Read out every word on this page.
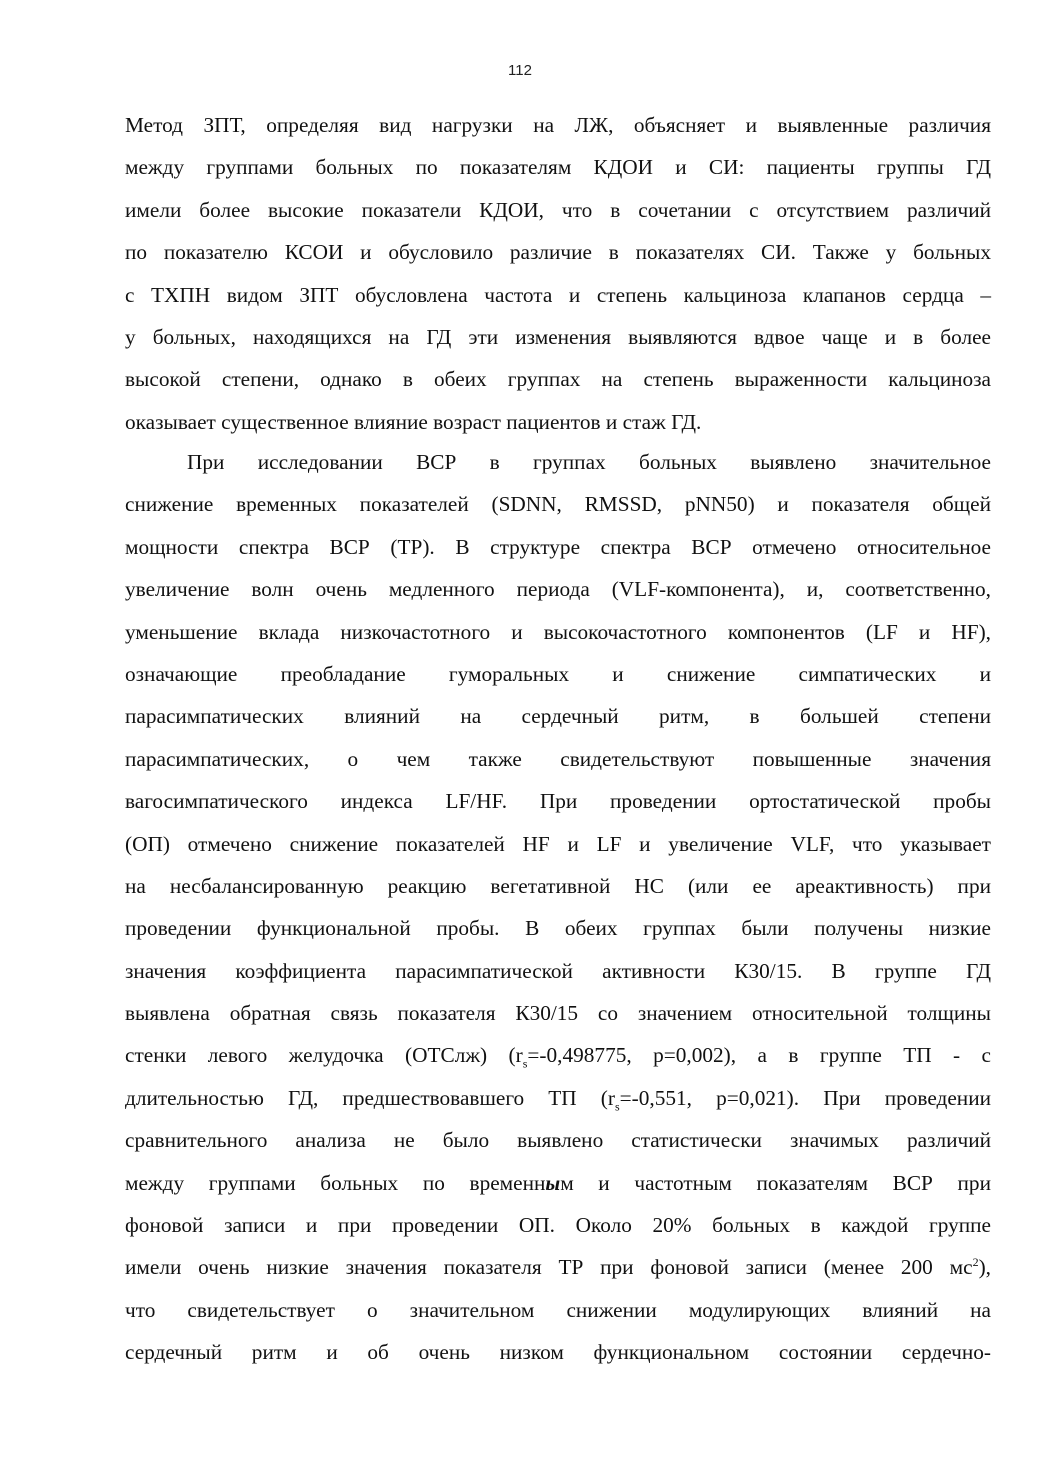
112
Метод ЗПТ, определяя вид нагрузки на ЛЖ, объясняет и выявленные различия
между группами больных по показателям КДОИ и СИ: пациенты группы ГД
имели более высокие показатели КДОИ, что в сочетании с отсутствием различий
по показателю КСОИ и обусловило различие в показателях СИ. Также у больных
с ТХПН видом ЗПТ обусловлена частота и степень кальциноза клапанов сердца –
у больных, находящихся на ГД эти изменения выявляются вдвое чаще и в более
высокой степени, однако в обеих группах на степень выраженности кальциноза
оказывает существенное влияние возраст пациентов и стаж ГД.
При исследовании ВСР в группах больных выявлено значительное
снижение временных показателей (SDNN, RMSSD, pNN50) и показателя общей
мощности спектра ВСР (ТР). В структуре спектра ВСР отмечено относительное
увеличение волн очень медленного периода (VLF-компонента), и, соответственно,
уменьшение вклада низкочастотного и высокочастотного компонентов (LF и HF),
означающие преобладание гуморальных и снижение симпатических и
парасимпатических влияний на сердечный ритм, в большей степени
парасимпатических, о чем также свидетельствуют повышенные значения
вагосимпатического индекса LF/HF. При проведении ортостатической пробы
(ОП) отмечено снижение показателей HF и LF и увеличение VLF, что указывает
на несбалансированную реакцию вегетативной НС (или ее ареактивность) при
проведении функциональной пробы. В обеих группах были получены низкие
значения коэффициента парасимпатической активности К30/15. В группе ГД
выявлена обратная связь показателя К30/15 со значением относительной толщины
стенки левого желудочка (ОТСлж) ($r_s=-0,498775$, p=0,002), а в группе ТП - с
длительностью ГД, предшествовавшего ТП ($r_s=-0,551$, p=0,021). При проведении
сравнительного анализа не было выявлено статистически значимых различий
между группами больных по временным и частотным показателям ВСР при
фоновой записи и при проведении ОП. Около 20% больных в каждой группе
имели очень низкие значения показателя ТР при фоновой записи (менее 200 $мс^2$),
что свидетельствует о значительном снижении модулирующих влияний на
сердечный ритм и об очень низком функциональном состоянии сердечно-
